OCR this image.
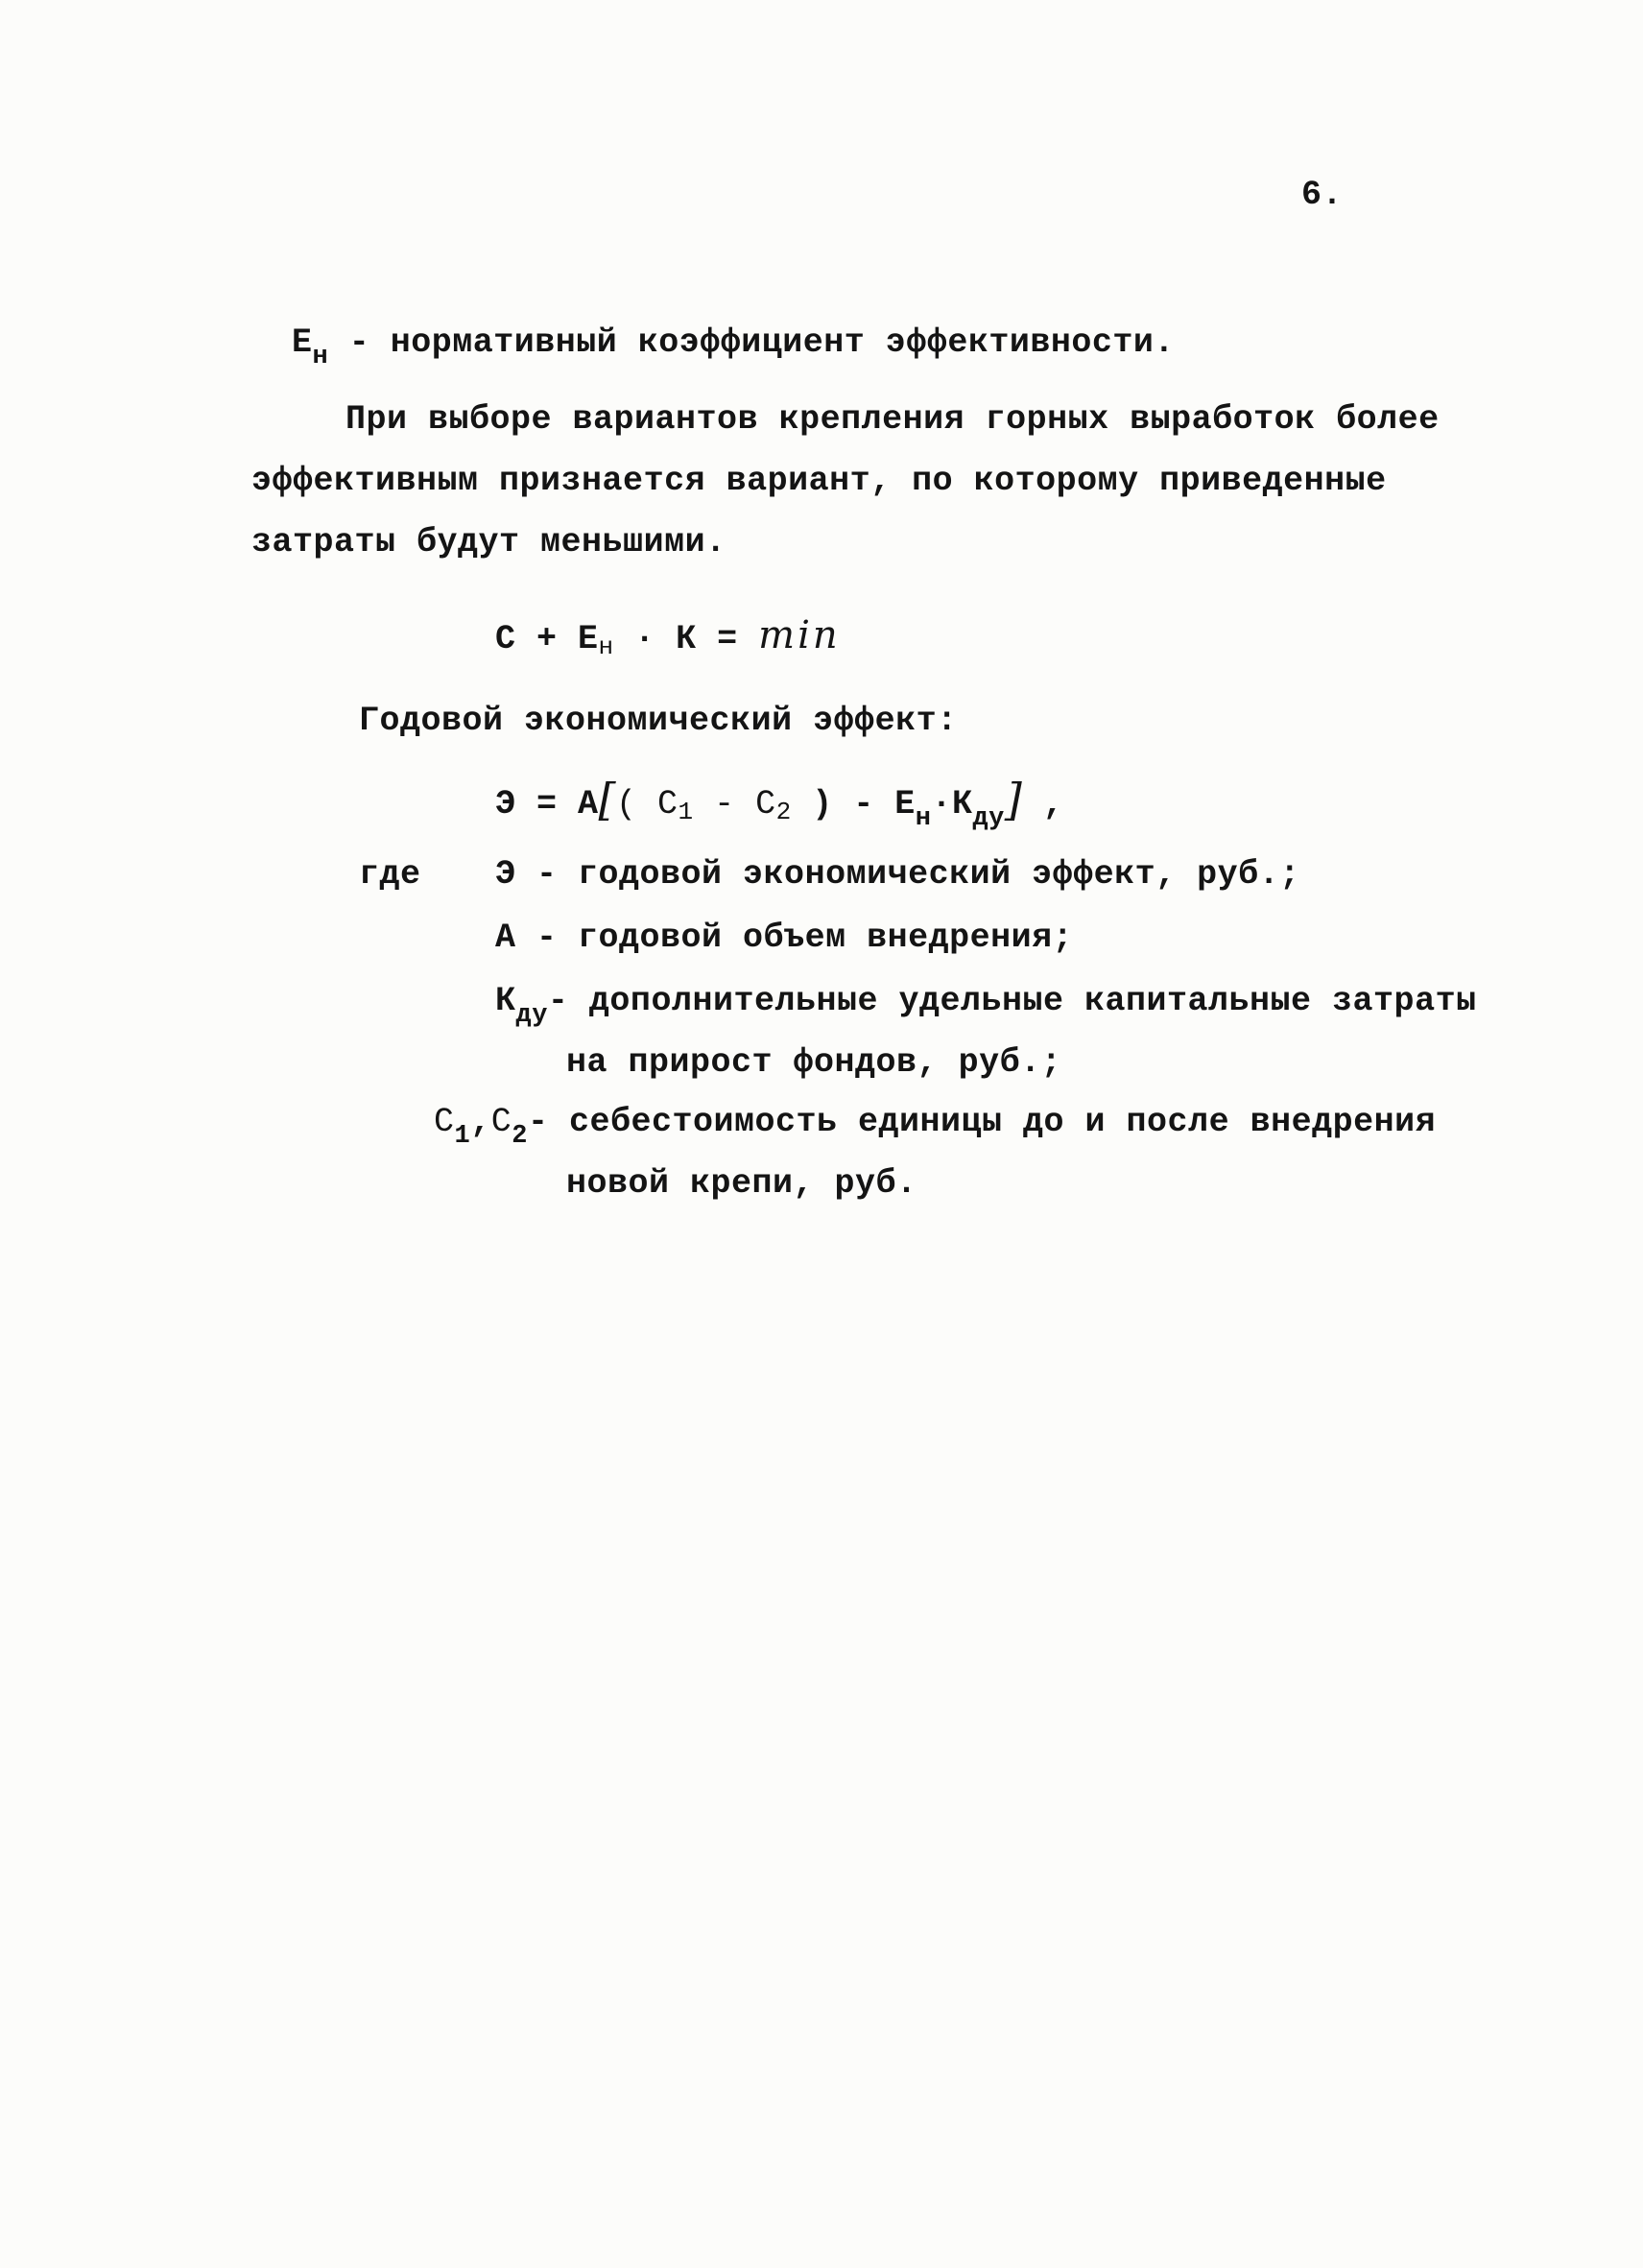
6.
$Е_н$ - нормативный коэффициент эффективности.
При выборе вариантов крепления горных выработок более
эффективным признается вариант, по которому приведенные
затраты будут меньшими.
С + Ен · К = min
Годовой экономический эффект:
Э = А[( С1 - С2 ) - $Е_н\cdot К_{ду}$] ,
где Э - годовой экономический эффект, руб.;
А - годовой объем внедрения;
$К_{ду}-$ дополнительные удельные капитальные затраты
на прирост фондов, руб.;
$С_1,С_2-$ себестоимость единицы до и после внедрения
новой крепи, руб.
